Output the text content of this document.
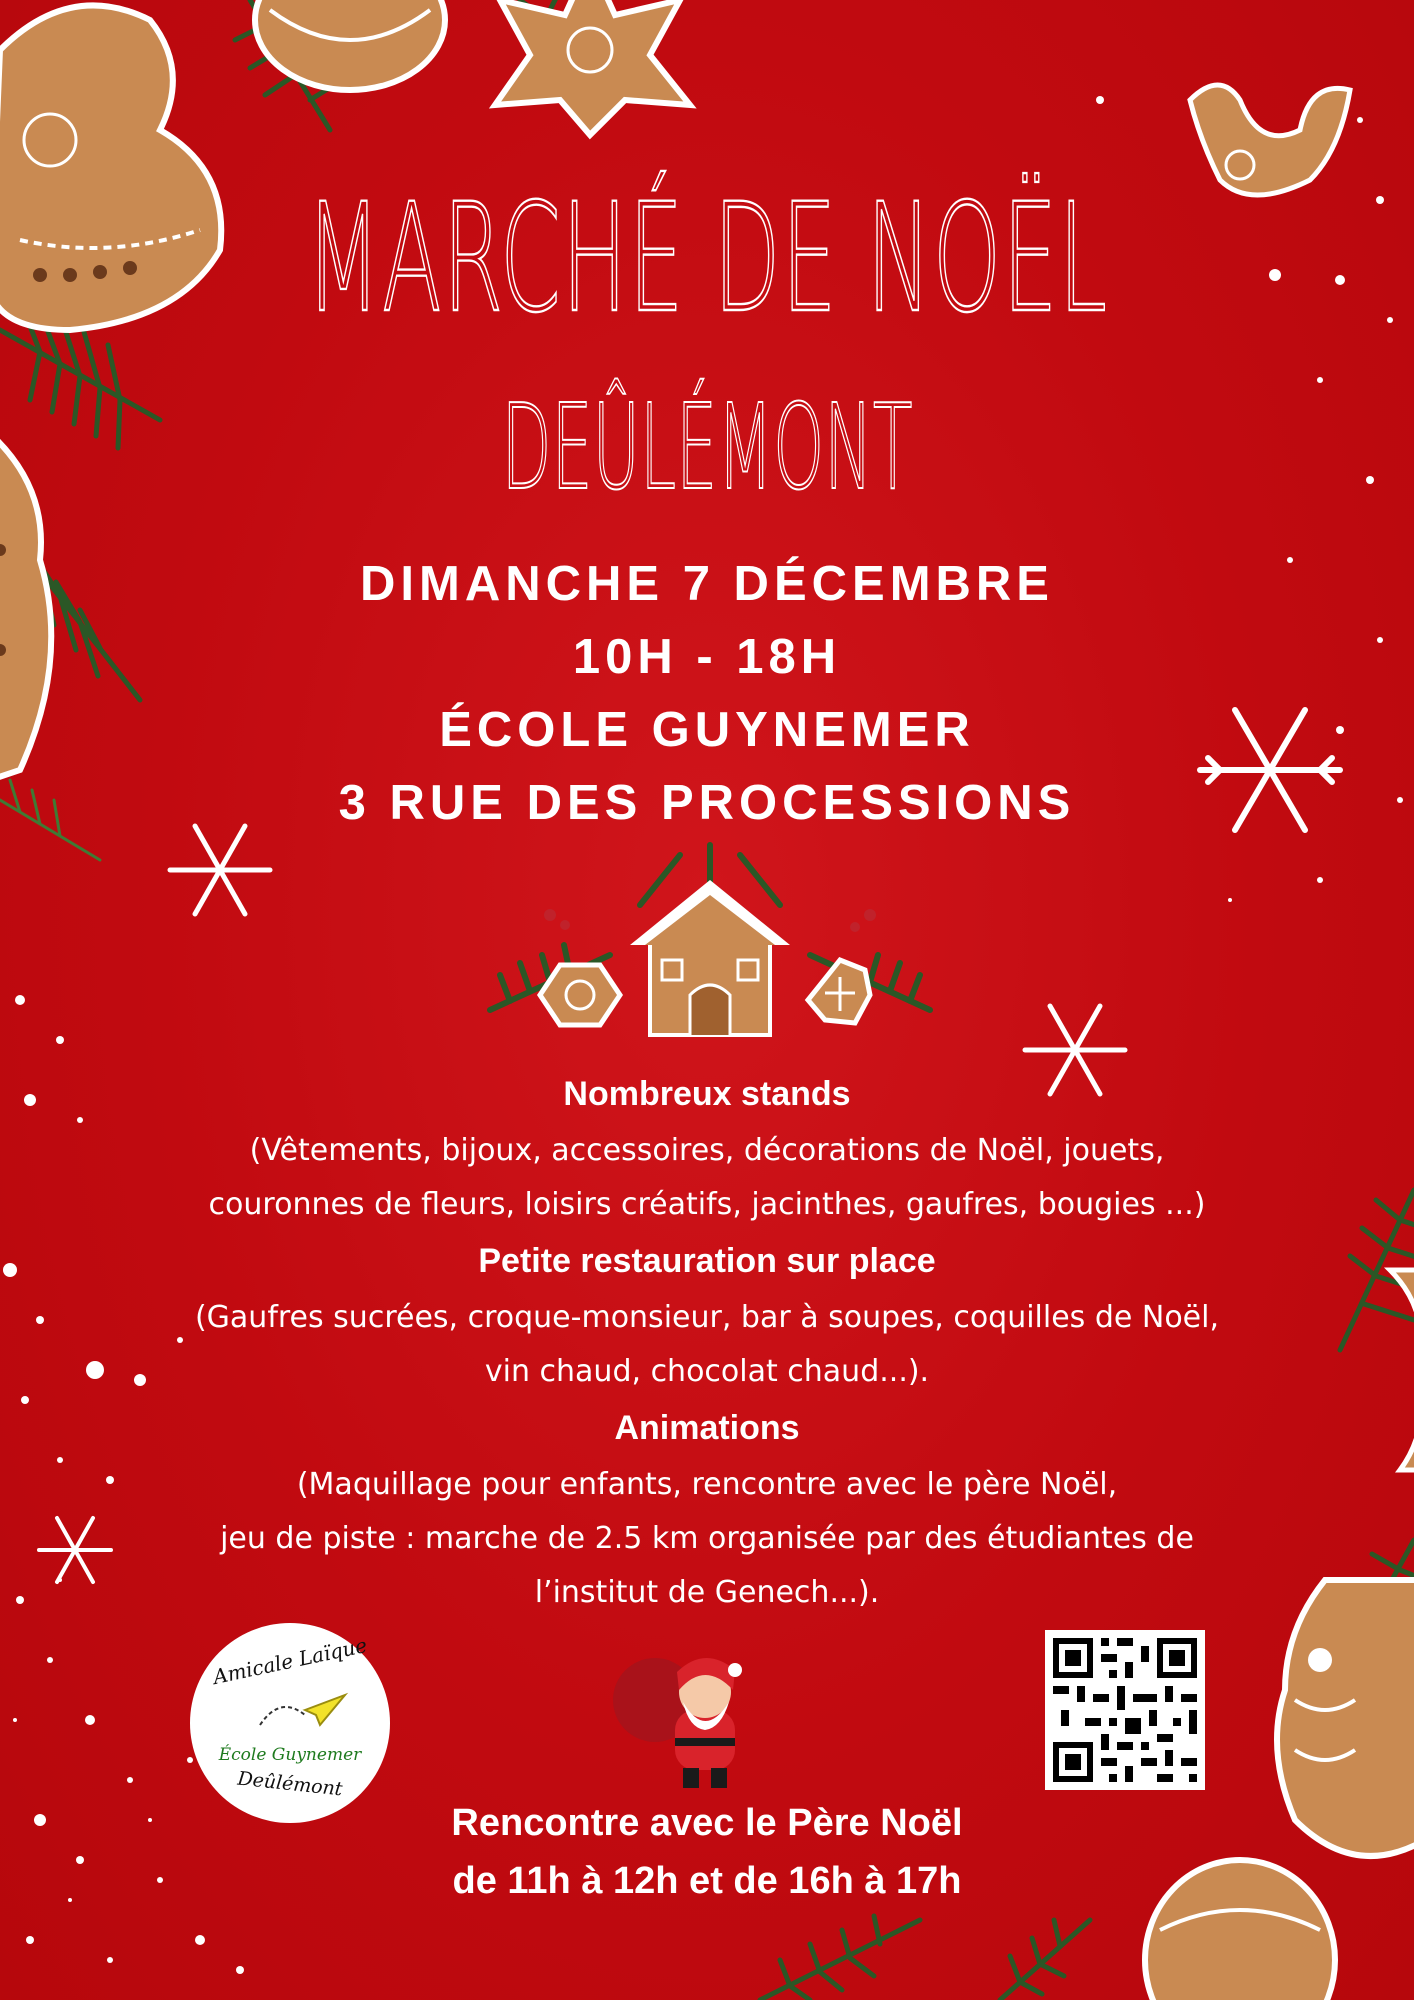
MARCHÉ DE NOËL
DEÛLÉMONT
DIMANCHE 7 DÉCEMBRE
10H - 18H
ÉCOLE GUYNEMER
3 RUE DES PROCESSIONS
Nombreux stands
(Vêtements, bijoux, accessoires, décorations de Noël, jouets,
couronnes de fleurs, loisirs créatifs, jacinthes, gaufres, bougies ...)
Petite restauration sur place
(Gaufres sucrées, croque-monsieur, bar à soupes, coquilles de Noël,
vin chaud, chocolat chaud...).
Animations
(Maquillage pour enfants, rencontre avec le père Noël,
jeu de piste : marche de 2.5 km organisée par des étudiantes de
l’institut de Genech...).
Amicale Laïque
École Guynemer
Deûlémont
Rencontre avec le Père Noël
de 11h à 12h et de 16h à 17h
